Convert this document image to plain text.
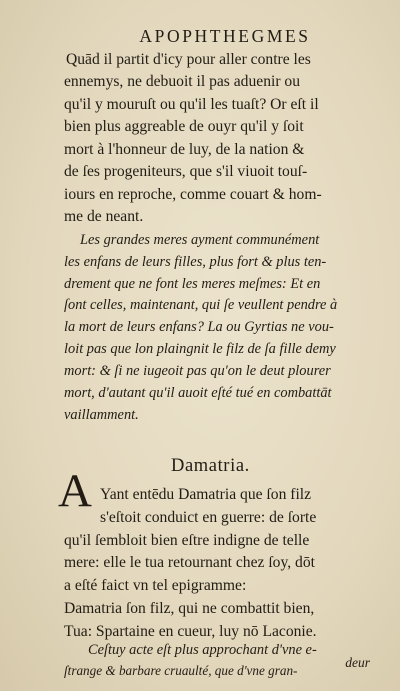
APOPHTHEGMES
Quād il partit d'icy pour aller contre les
ennemys, ne debuoit il pas aduenir ou
qu'il y mouruſt ou qu'il les tuaſt? Or eſt il
bien plus aggreable de ouyr qu'il y ſoit
mort à l'honneur de luy, de la nation &
de ſes progeniteurs, que s'il viuoit touſ-
iours en reproche, comme couart & hom-
me de neant.
Les grandes meres ayment communément
les enfans de leurs filles, plus fort & plus ten-
drement que ne font les meres meſmes: Et en
ſont celles, maintenant, qui ſe veullent pendre à
la mort de leurs enfans? La ou Gyrtias ne vou-
loit pas que lon plaingnit le filz de ſa fille demy
mort: & ſi ne iugeoit pas qu'on le deut plourer
mort, d'autant qu'il auoit eſté tué en combattāt
vaillamment.
Damatria.
A Yant entēdu Damatria que ſon filz
s'eſtoit conduict en guerre: de ſorte
qu'il ſembloit bien eſtre indigne de telle
mere: elle le tua retournant chez ſoy, dōt
a eſté faict vn tel epigramme:
Damatria ſon filz, qui ne combattit bien,
Tua: Spartaine en cueur, luy nō Laconie.
Ceſtuy acte eſt plus approchant d'vne e-
ſtrange & barbare cruaulté, que d'vne gran-
deur
